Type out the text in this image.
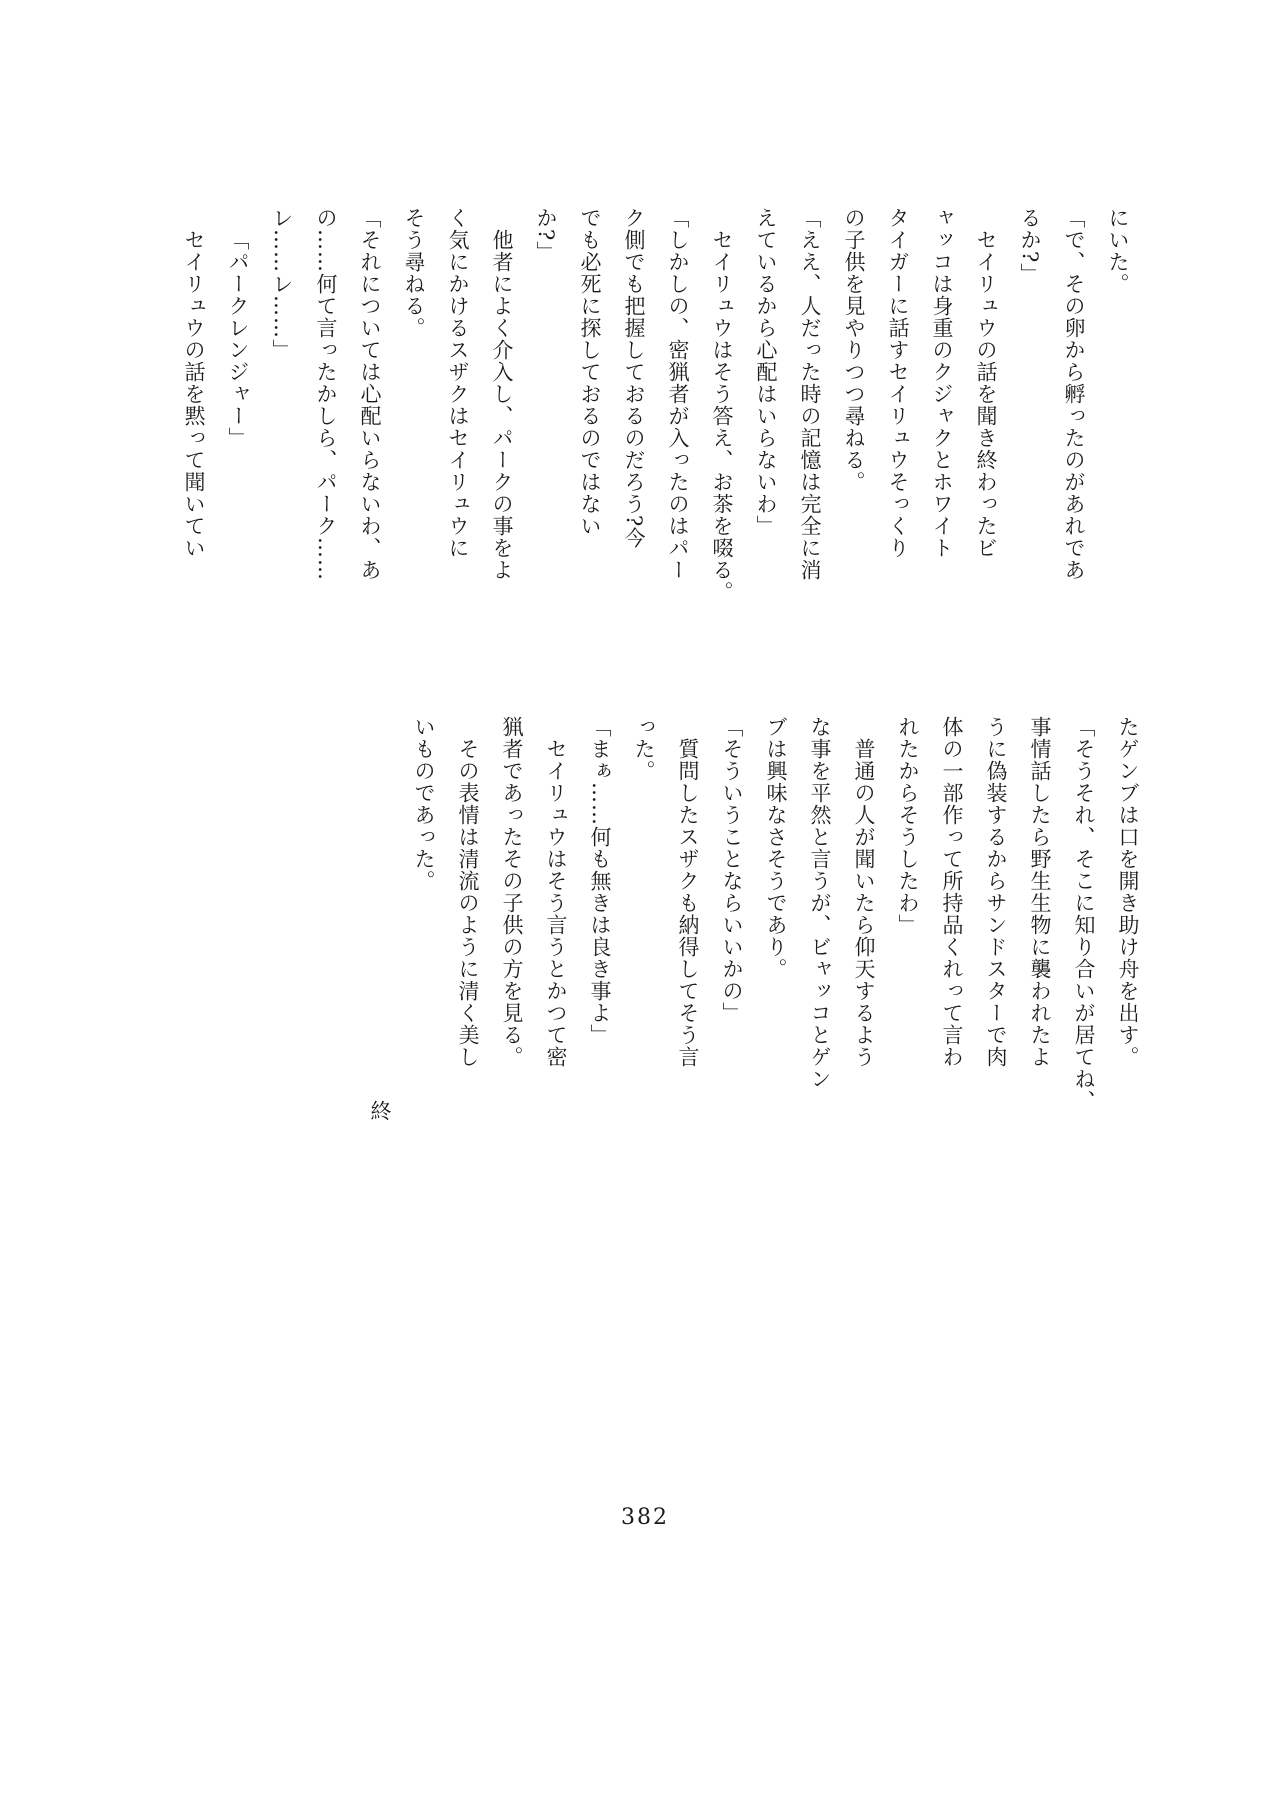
にいた。
「で、その卵から孵ったのがあれであ
るか?」
セイリュウの話を聞き終わったビ
ャッコは身重のクジャクとホワイト
タイガーに話すセイリュウそっくり
の子供を見やりつつ尋ねる。
「ええ、人だった時の記憶は完全に消
えているから心配はいらないわ」
セイリュウはそう答え、お茶を啜る。
「しかしの、密猟者が入ったのはパー
ク側でも把握しておるのだろう?今
でも必死に探しておるのではない
か?」
他者によく介入し、パークの事をよ
く気にかけるスザクはセイリュウに
そう尋ねる。
「それについては心配いらないわ、あ
の……何て言ったかしら、パーク……
レ……レ……」
「パークレンジャー」
セイリュウの話を黙って聞いてい
たゲンブは口を開き助け舟を出す。
「そうそれ、そこに知り合いが居てね、
事情話したら野生生物に襲われたよ
うに偽装するからサンドスターで肉
体の一部作って所持品くれって言わ
れたからそうしたわ」
普通の人が聞いたら仰天するよう
な事を平然と言うが、ビャッコとゲン
ブは興味なさそうであり。
「そういうことならいいかの」
質問したスザクも納得してそう言
った。
「まぁ……何も無きは良き事よ」
セイリュウはそう言うとかつて密
猟者であったその子供の方を見る。
その表情は清流のように清く美し
いものであった。
終
382
